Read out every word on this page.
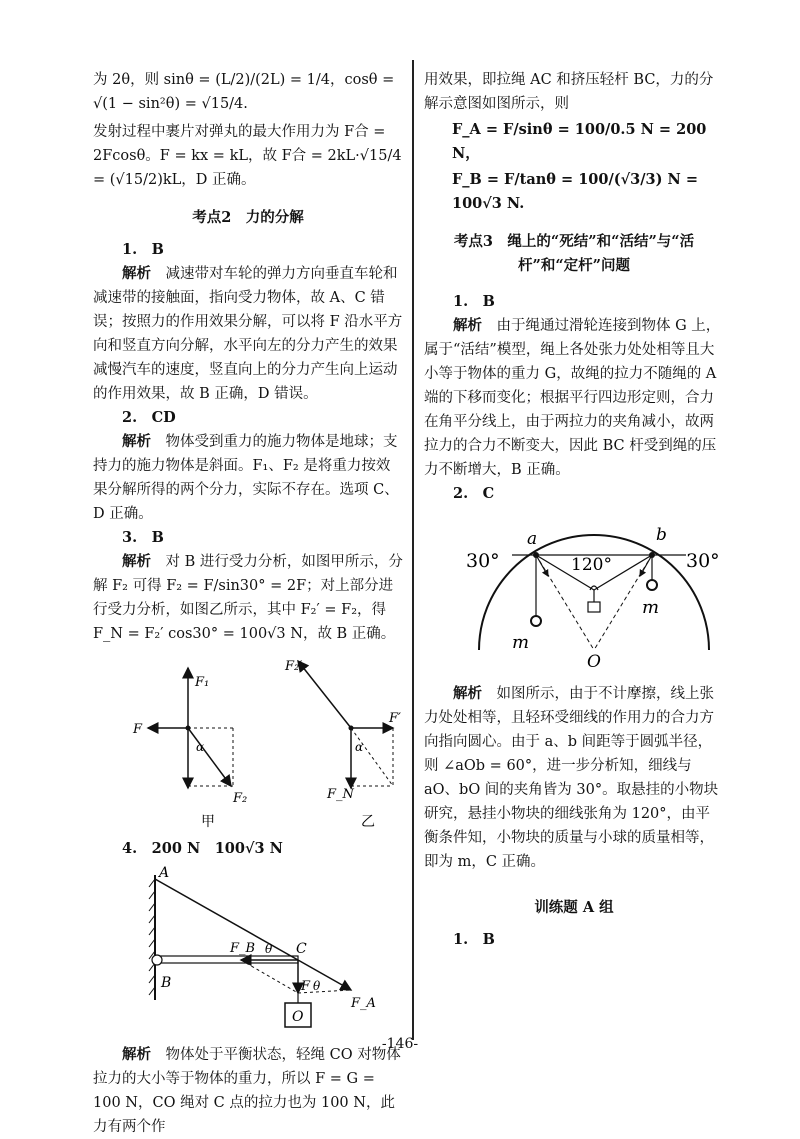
为 2θ，则 sinθ = (L/2)/(2L) = 1/4，cosθ = √(1 − sin²θ) = √15/4.

发射过程中裹片对弹丸的最大作用力为 F合 = 2Fcosθ。F = kx = kL，故 F合 = 2kL·√15/4 = (√15/2)kL，D 正确。

考点2　力的分解

1.　B

解析　 减速带对车轮的弹力方向垂直车轮和减速带的接触面，指向受力物体，故 A、C 错误；按照力的作用效果分解，可以将 F 沿水平方向和竖直方向分解，水平向左的分力产生的效果减慢汽车的速度，竖直向上的分力产生向上运动的作用效果，故 B 正确，D 错误。

2.　CD

解析　 物体受到重力的施力物体是地球；支持力的施力物体是斜面。F₁、F₂ 是将重力按效果分解所得的两个分力，实际不存在。选项 C、D 正确。

3.　B

解析　 对 B 进行受力分析，如图甲所示，分解 F₂ 可得 F₂ = F/sin30° = 2F；对上部分进行受力分析，如图乙所示，其中 F₂′ = F₂，得 F_N = F₂′ cos30° = 100√3 N，故 B 正确。

F₁
F
α
F₂
甲
F₂′
F′
α
F_N
乙

4.　200 N　100√3 N

A
B
C
F_B θ
F θ
F_A
O

解析　 物体处于平衡状态，轻绳 CO 对物体拉力的大小等于物体的重力，所以 F = G = 100 N，CO 绳对 C 点的拉力也为 100 N，此力有两个作

用效果，即拉绳 AC 和挤压轻杆 BC，力的分解示意图如图所示，则

F_A = F/sinθ = 100/0.5 N = 200 N，

F_B = F/tanθ = 100/(√3/3) N = 100√3 N.

考点3　绳上的“死结”和“活结”与“活
杆”和“定杆”问题

1.　B

解析　 由于绳通过滑轮连接到物体 G 上，属于“活结”模型，绳上各处张力处处相等且大小等于物体的重力 G，故绳的拉力不随绳的 A 端的下移而变化；根据平行四边形定则，合力在角平分线上，由于两拉力的夹角减小，故两拉力的合力不断变大，因此 BC 杆受到绳的压力不断增大，B 正确。

2.　C

a	b
30°	120°	30°
m
m
O

解析　 如图所示，由于不计摩擦，线上张力处处相等，且轻环受细线的作用力的合力方向指向圆心。由于 a、b 间距等于圆弧半径，则 ∠aOb = 60°，进一步分析知，细线与 aO、bO 间的夹角皆为 30°。取悬挂的小物块研究，悬挂小物块的细线张角为 120°，由平衡条件知，小物块的质量与小球的质量相等，即为 m，C 正确。

训练题 A 组

1.　B

-146-
